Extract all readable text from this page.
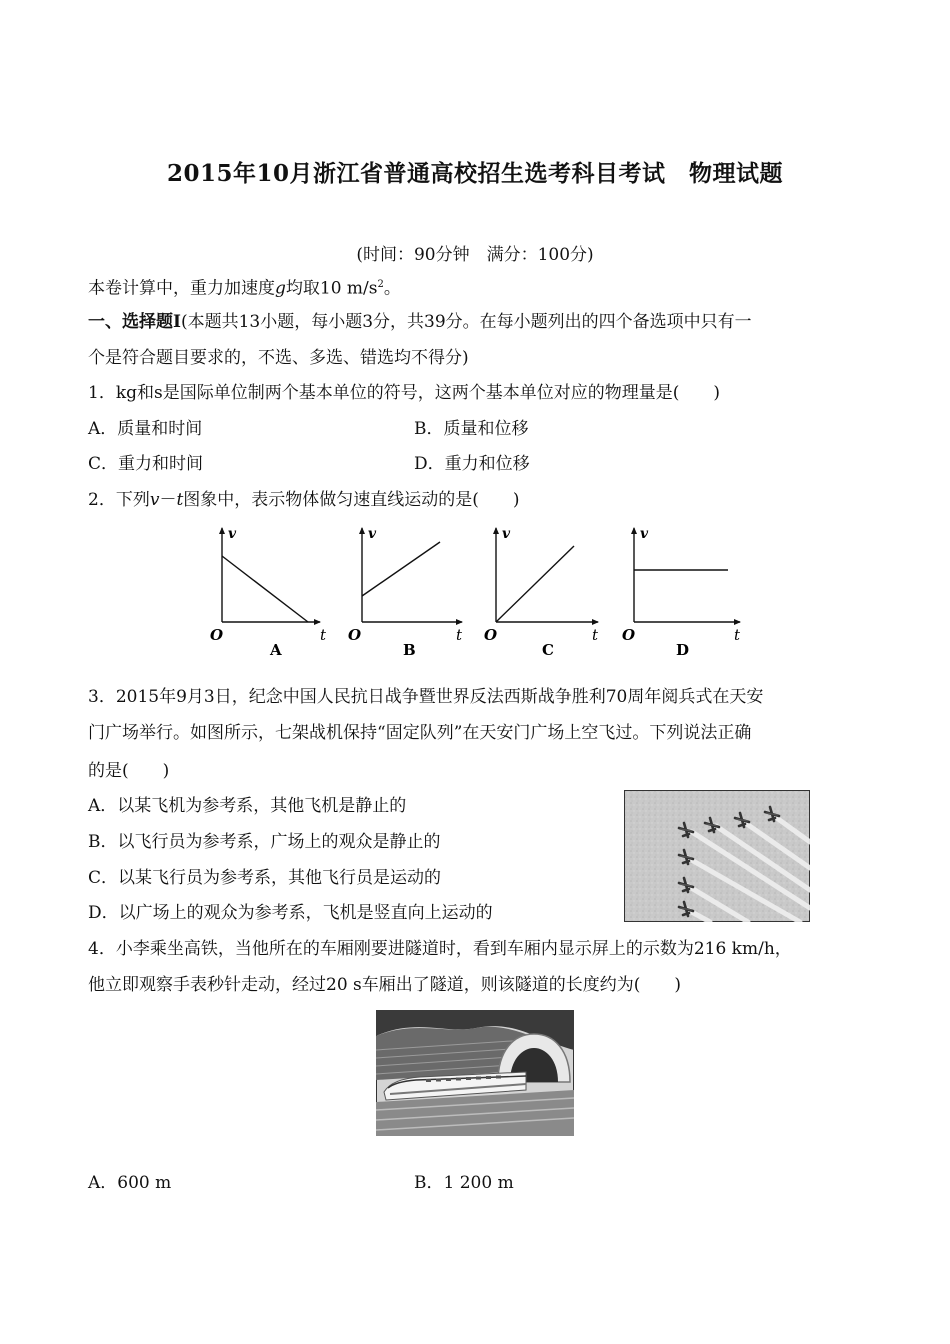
2015年10月浙江省普通高校招生选考科目考试　物理试题
(时间：90分钟　满分：100分)
本卷计算中，重力加速度g均取10 $m/s^2$。
一、选择题Ⅰ(本题共13小题，每小题3分，共39分。在每小题列出的四个备选项中只有一
个是符合题目要求的，不选、多选、错选均不得分)
1．kg和s是国际单位制两个基本单位的符号，这两个基本单位对应的物理量是(　　)
A．质量和时间	B．质量和位移
C．重力和时间	D．重力和位移
2．下列v－t图象中，表示物体做匀速直线运动的是(　　)
v
O	t
A
v
O	t
B
v
O	t
C
v
O	t
D
3．2015年9月3日，纪念中国人民抗日战争暨世界反法西斯战争胜利70周年阅兵式在天安
门广场举行。如图所示，七架战机保持“固定队列”在天安门广场上空飞过。下列说法正确
的是(　　)
A．以某飞机为参考系，其他飞机是静止的
B．以飞行员为参考系，广场上的观众是静止的
C．以某飞行员为参考系，其他飞行员是运动的
D．以广场上的观众为参考系，飞机是竖直向上运动的
4．小李乘坐高铁，当他所在的车厢刚要进隧道时，看到车厢内显示屏上的示数为216 km/h，
他立即观察手表秒针走动，经过20 s车厢出了隧道，则该隧道的长度约为(　　)
A．600 m	B．1 200 m
